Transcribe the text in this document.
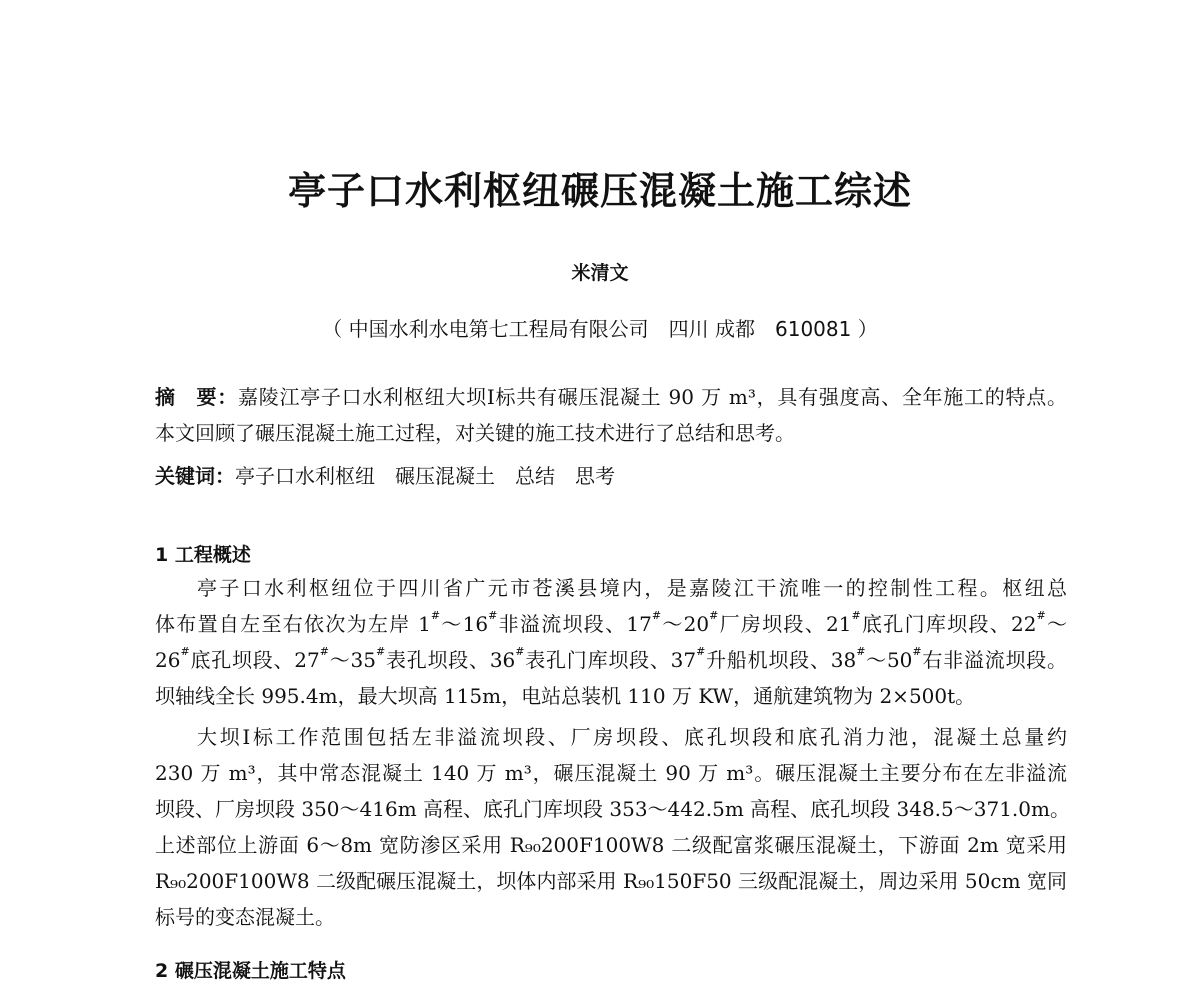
亭子口水利枢纽碾压混凝土施工综述
米清文
（ 中国水利水电第七工程局有限公司　四川 成都　610081 ）
摘　要：嘉陵江亭子口水利枢纽大坝Ⅰ标共有碾压混凝土 90 万 m³，具有强度高、全年施工的特点。
本文回顾了碾压混凝土施工过程，对关键的施工技术进行了总结和思考。
关键词：亭子口水利枢纽　碾压混凝土　总结　思考
1 工程概述
亭子口水利枢纽位于四川省广元市苍溪县境内，是嘉陵江干流唯一的控制性工程。枢纽总
体布置自左至右依次为左岸 1#～16#非溢流坝段、17#～20#厂房坝段、21#底孔门库坝段、22#～
26#底孔坝段、27#～35#表孔坝段、36#表孔门库坝段、37#升船机坝段、38#～50#右非溢流坝段。
坝轴线全长 995.4m，最大坝高 115m，电站总装机 110 万 KW，通航建筑物为 2×500t。
大坝Ⅰ标工作范围包括左非溢流坝段、厂房坝段、底孔坝段和底孔消力池，混凝土总量约
230 万 m³，其中常态混凝土 140 万 m³，碾压混凝土 90 万 m³。碾压混凝土主要分布在左非溢流
坝段、厂房坝段 350～416m 高程、底孔门库坝段 353～442.5m 高程、底孔坝段 348.5～371.0m。
上述部位上游面 6～8m 宽防渗区采用 R₉₀200F100W8 二级配富浆碾压混凝土，下游面 2m 宽采用
R₉₀200F100W8 二级配碾压混凝土，坝体内部采用 R₉₀150F50 三级配混凝土，周边采用 50cm 宽同
标号的变态混凝土。
2 碾压混凝土施工特点
